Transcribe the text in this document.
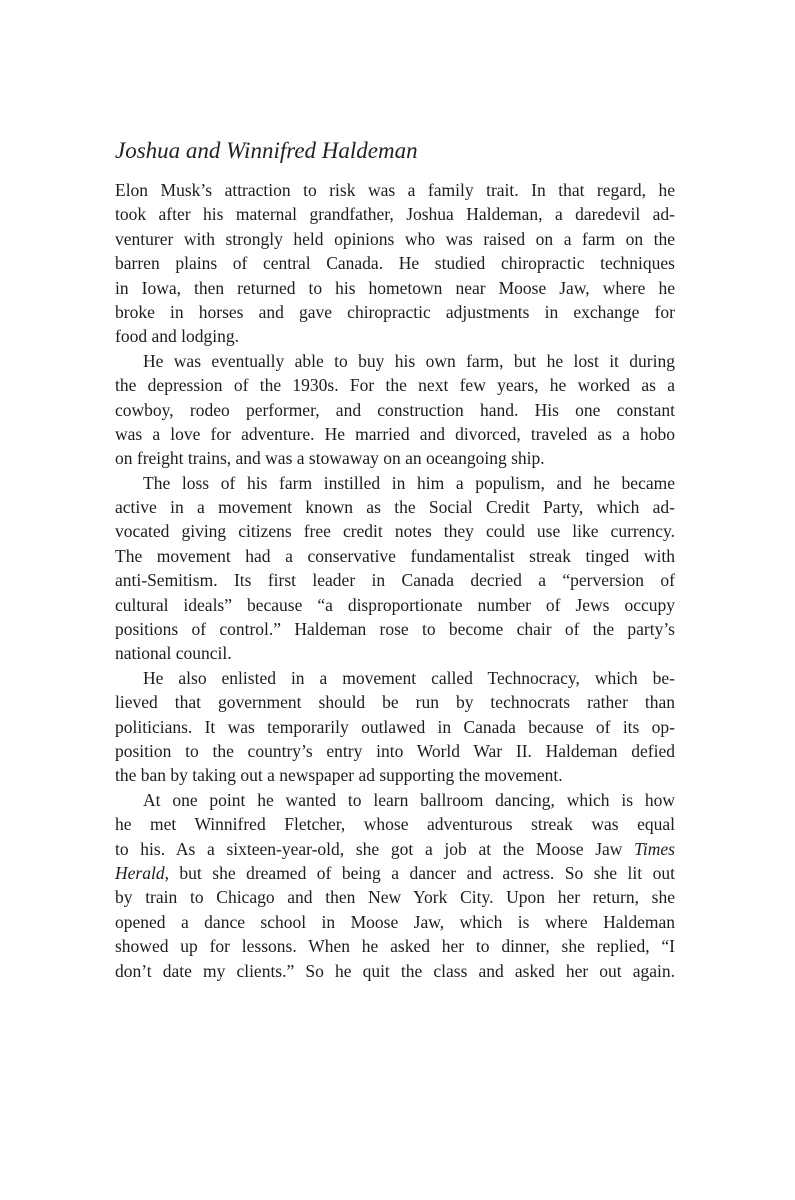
Joshua and Winnifred Haldeman
Elon Musk’s attraction to risk was a family trait. In that regard, he
took after his maternal grandfather, Joshua Haldeman, a daredevil ad-
venturer with strongly held opinions who was raised on a farm on the
barren plains of central Canada. He studied chiropractic techniques
in Iowa, then returned to his hometown near Moose Jaw, where he
broke in horses and gave chiropractic adjustments in exchange for
food and lodging.
He was eventually able to buy his own farm, but he lost it during
the depression of the 1930s. For the next few years, he worked as a
cowboy, rodeo performer, and construction hand. His one constant
was a love for adventure. He married and divorced, traveled as a hobo
on freight trains, and was a stowaway on an oceangoing ship.
The loss of his farm instilled in him a populism, and he became
active in a movement known as the Social Credit Party, which ad-
vocated giving citizens free credit notes they could use like currency.
The movement had a conservative fundamentalist streak tinged with
anti-Semitism. Its first leader in Canada decried a “perversion of
cultural ideals” because “a disproportionate number of Jews occupy
positions of control.” Haldeman rose to become chair of the party’s
national council.
He also enlisted in a movement called Technocracy, which be-
lieved that government should be run by technocrats rather than
politicians. It was temporarily outlawed in Canada because of its op-
position to the country’s entry into World War II. Haldeman defied
the ban by taking out a newspaper ad supporting the movement.
At one point he wanted to learn ballroom dancing, which is how
he met Winnifred Fletcher, whose adventurous streak was equal
to his. As a sixteen-year-old, she got a job at the Moose Jaw Times
Herald, but she dreamed of being a dancer and actress. So she lit out
by train to Chicago and then New York City. Upon her return, she
opened a dance school in Moose Jaw, which is where Haldeman
showed up for lessons. When he asked her to dinner, she replied, “I
don’t date my clients.” So he quit the class and asked her out again.
